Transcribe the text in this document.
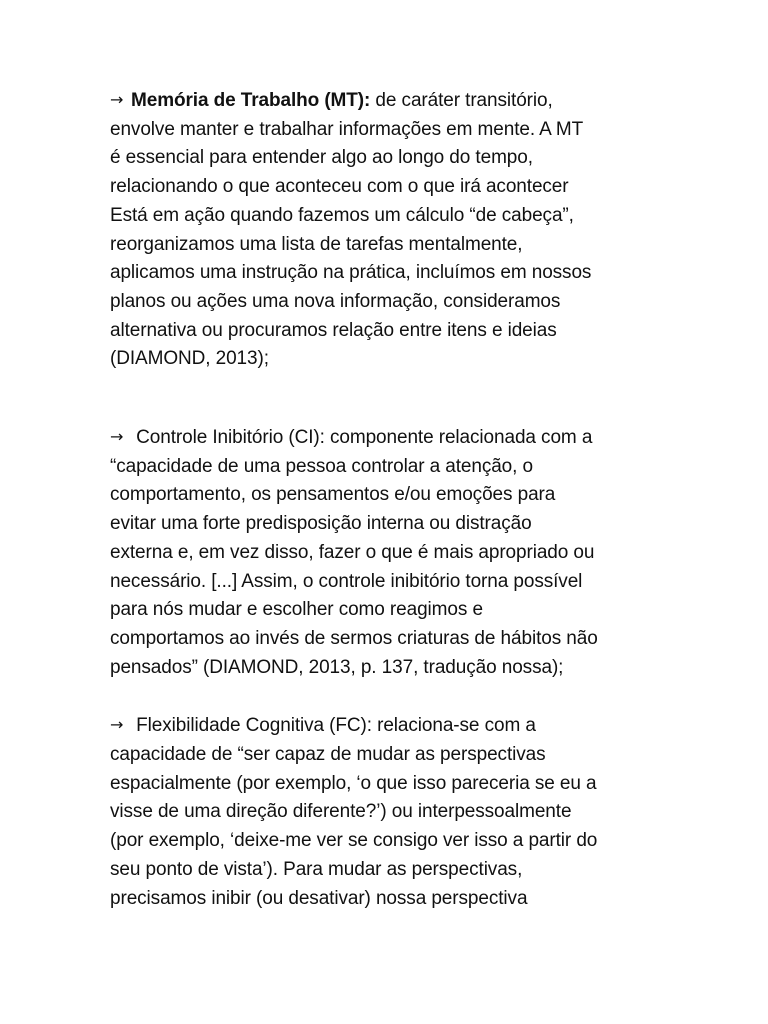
→ Memória de Trabalho (MT): de caráter transitório,
envolve manter e trabalhar informações em mente. A MT
é essencial para entender algo ao longo do tempo,
relacionando o que aconteceu com o que irá acontecer
Está em ação quando fazemos um cálculo “de cabeça”,
reorganizamos uma lista de tarefas mentalmente,
aplicamos uma instrução na prática, incluímos em nossos
planos ou ações uma nova informação, consideramos
alternativa ou procuramos relação entre itens e ideias
(DIAMOND, 2013);
→ Controle Inibitório (CI): componente relacionada com a
“capacidade de uma pessoa controlar a atenção, o
comportamento, os pensamentos e/ou emoções para
evitar uma forte predisposição interna ou distração
externa e, em vez disso, fazer o que é mais apropriado ou
necessário. [...] Assim, o controle inibitório torna possível
para nós mudar e escolher como reagimos e
comportamos ao invés de sermos criaturas de hábitos não
pensados” (DIAMOND, 2013, p. 137, tradução nossa);
→ Flexibilidade Cognitiva (FC): relaciona-se com a
capacidade de “ser capaz de mudar as perspectivas
espacialmente (por exemplo, ‘o que isso pareceria se eu a
visse de uma direção diferente?’) ou interpessoalmente
(por exemplo, ‘deixe-me ver se consigo ver isso a partir do
seu ponto de vista’). Para mudar as perspectivas,
precisamos inibir (ou desativar) nossa perspectiva
